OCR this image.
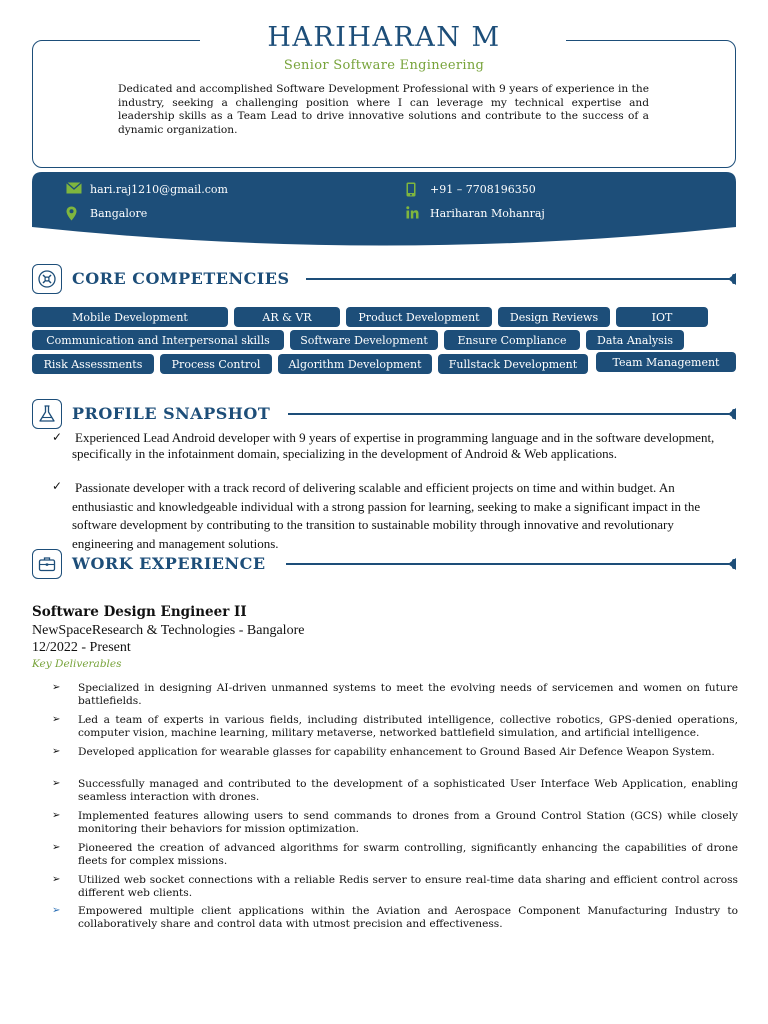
HARIHARAN M
Senior Software Engineering
Dedicated and accomplished Software Development Professional with 9 years of experience in the industry, seeking a challenging position where I can leverage my technical expertise and leadership skills as a Team Lead to drive innovative solutions and contribute to the success of a dynamic organization.
hari.raj1210@gmail.com	+91 – 7708196350
Bangalore	Hariharan Mohanraj
CORE COMPETENCIES
Mobile Development	AR & VR	Product Development	Design Reviews	IOT
Communication and Interpersonal skills	Software Development	Ensure Compliance	Data Analysis
Risk Assessments	Process Control	Algorithm Development	Fullstack Development	Team Management
PROFILE SNAPSHOT
✓ Experienced Lead Android developer with 9 years of expertise in programming language and in the software development, specifically in the infotainment domain, specializing in the development of Android & Web applications.
✓ Passionate developer with a track record of delivering scalable and efficient projects on time and within budget. An enthusiastic and knowledgeable individual with a strong passion for learning, seeking to make a significant impact in the software development by contributing to the transition to sustainable mobility through innovative and revolutionary engineering and management solutions.
WORK EXPERIENCE
Software Design Engineer II
NewSpaceResearch & Technologies - Bangalore
12/2022 - Present
Key Deliverables
➢ Specialized in designing AI-driven unmanned systems to meet the evolving needs of servicemen and women on future battlefields.
➢ Led a team of experts in various fields, including distributed intelligence, collective robotics, GPS-denied operations, computer vision, machine learning, military metaverse, networked battlefield simulation, and artificial intelligence.
➢ Developed application for wearable glasses for capability enhancement to Ground Based Air Defence Weapon System.
➢ Successfully managed and contributed to the development of a sophisticated User Interface Web Application, enabling seamless interaction with drones.
➢ Implemented features allowing users to send commands to drones from a Ground Control Station (GCS) while closely monitoring their behaviors for mission optimization.
➢ Pioneered the creation of advanced algorithms for swarm controlling, significantly enhancing the capabilities of drone fleets for complex missions.
➢ Utilized web socket connections with a reliable Redis server to ensure real-time data sharing and efficient control across different web clients.
➢ Empowered multiple client applications within the Aviation and Aerospace Component Manufacturing Industry to collaboratively share and control data with utmost precision and effectiveness.
